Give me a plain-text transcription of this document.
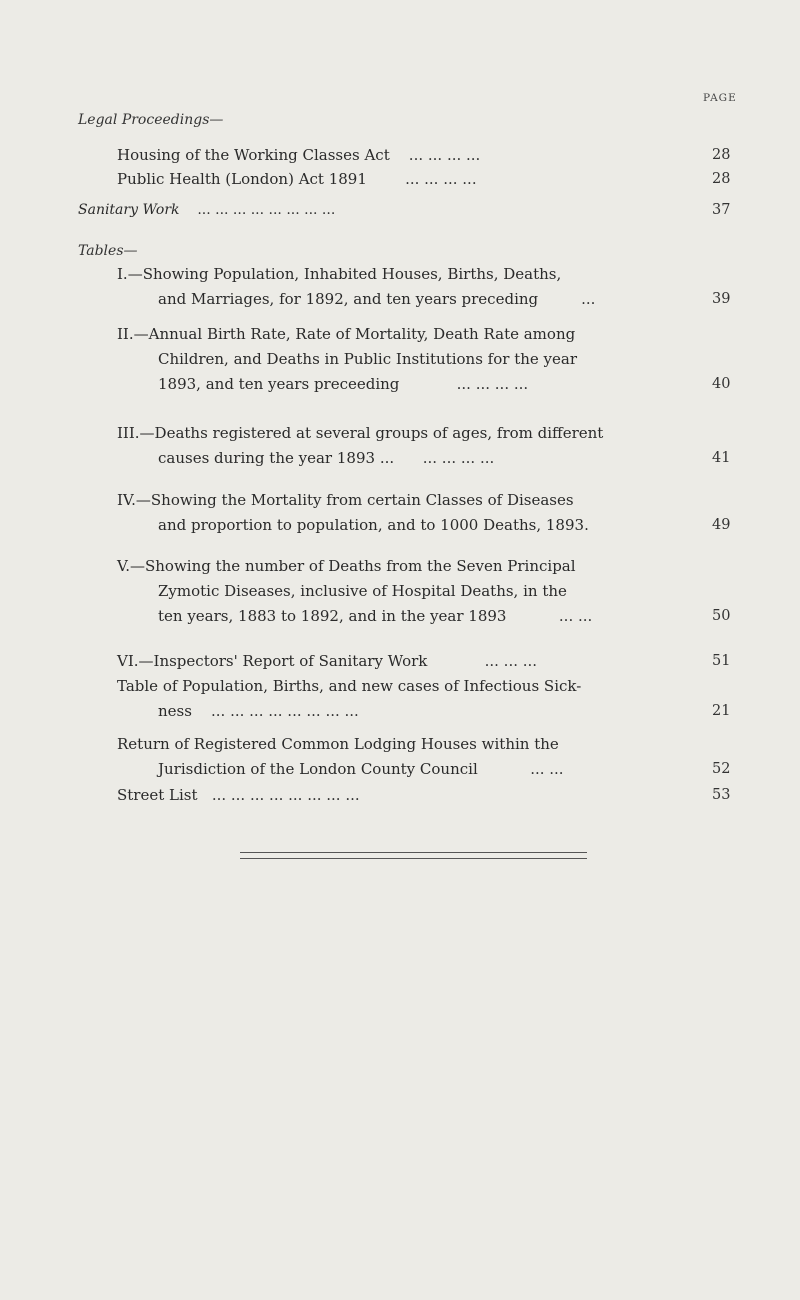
PAGE
Legal Proceedings—
Housing of the Working Classes Act ... ... ... ...	28
Public Health (London) Act 1891	... ... ... ...	28
Sanitary Work ... ... ... ... ... ... ... ...	37
Tables—
I.—Showing Population, Inhabited Houses, Births, Deaths,
and Marriages, for 1892, and ten years preceding	...	39
II.—Annual Birth Rate, Rate of Mortality, Death Rate among
Children, and Deaths in Public Institutions for the year
1893, and ten years preceeding	... ... ... ...	40
III.—Deaths registered at several groups of ages, from different
causes during the year 1893 ... ... ... ... ...	41
IV.—Showing the Mortality from certain Classes of Diseases
and proportion to population, and to 1000 Deaths, 1893.	49
V.—Showing the number of Deaths from the Seven Principal
Zymotic Diseases, inclusive of Hospital Deaths, in the
ten years, 1883 to 1892, and in the year 1893	... ...	50
VI.—Inspectors' Report of Sanitary Work	... ... ...	51
Table of Population, Births, and new cases of Infectious Sick-
ness ... ... ... ... ... ... ... ...	21
Return of Registered Common Lodging Houses within the
Jurisdiction of the London County Council	... ...	52
Street List ... ... ... ... ... ... ... ...	53
